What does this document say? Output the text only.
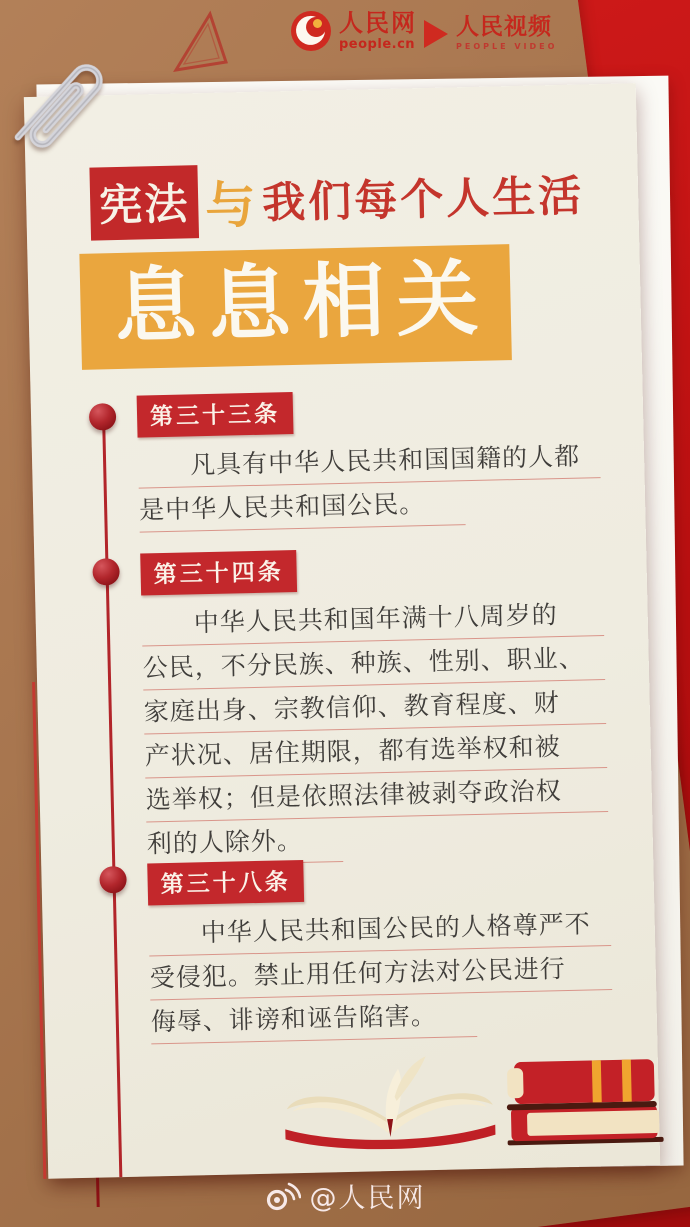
人民网
people.cn
人民视频
PEOPLE VIDEO
宪法 与 我们每个人生活
息息相关
第三十三条
凡具有中华人民共和国国籍的人都
是中华人民共和国公民。
第三十四条
中华人民共和国年满十八周岁的
公民，不分民族、种族、性别、职业、
家庭出身、宗教信仰、教育程度、财
产状况、居住期限，都有选举权和被
选举权；但是依照法律被剥夺政治权
利的人除外。
第三十八条
中华人民共和国公民的人格尊严不
受侵犯。禁止用任何方法对公民进行
侮辱、诽谤和诬告陷害。
@人民网
